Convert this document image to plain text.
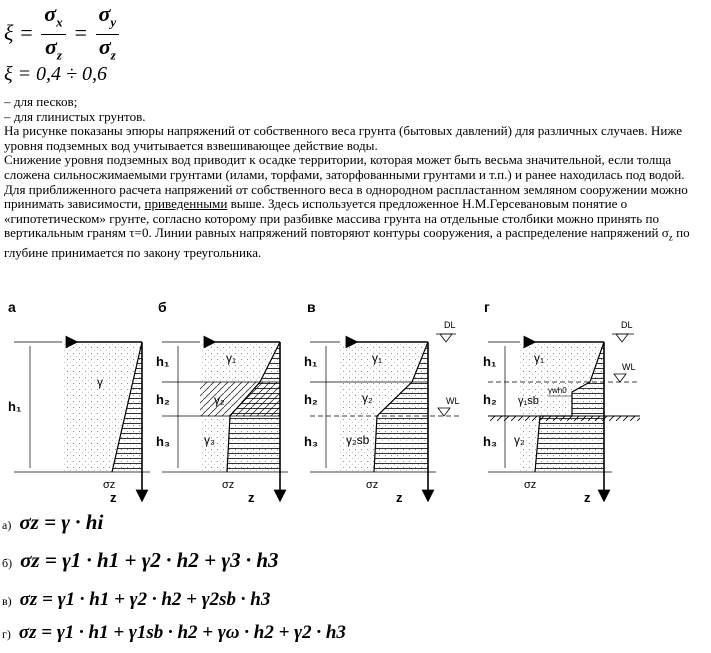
$\xi = \frac{\sigma_x}{\sigma_z} = \frac{\sigma_y}{\sigma_z}$
ξ = 0,4 ÷ 0,6

– для песков;

– для глинистых грунтов.

На рисунке показаны эпюры напряжений от собственного веса грунта (бытовых давлений) для различных случаев. Ниже уровня подземных вод учитывается взвешивающее действие воды.

Снижение уровня подземных вод приводит к осадке территории, которая может быть весьма значительной, если толща сложена сильносжимаемыми грунтами (илами, торфами, заторфованными грунтами и т.п.) и ранее находилась под водой.

Для приближенного расчета напряжений от собственного веса в однородном распластанном земляном сооружении можно принимать зависимости, приведенными выше. Здесь используется предложенное Н.М.Герсевановым понятие о «гипотетическом» грунте, согласно которому при разбивке массива грунта на отдельные столбики можно принять по вертикальным граням τ=0. Линии равных напряжений повторяют контуры сооружения, а распределение напряжений $\sigma_z$ по глубине принимается по закону треугольника.

а	б	в	г
h₁
γ
σz
z
h₁
h₂
h₃
γ₁
γ₂
γ₃
σz
z
DL
WL
h₁
h₂
h₃
γ₁
γ₂
γ₂sb
σz
z
γwh0
DL
WL
h₁
h₂
h₃
γ₁
γ₁sb
γ₂
σz
z
а) σz = γ · hi
б) σz = γ1 · h1 + γ2 · h2 + γ3 · h3
в) σz = γ1 · h1 + γ2 · h2 + γ2sb · h3
г) σz = γ1 · h1 + γ1sb · h2 + γω · h2 + γ2 · h3
